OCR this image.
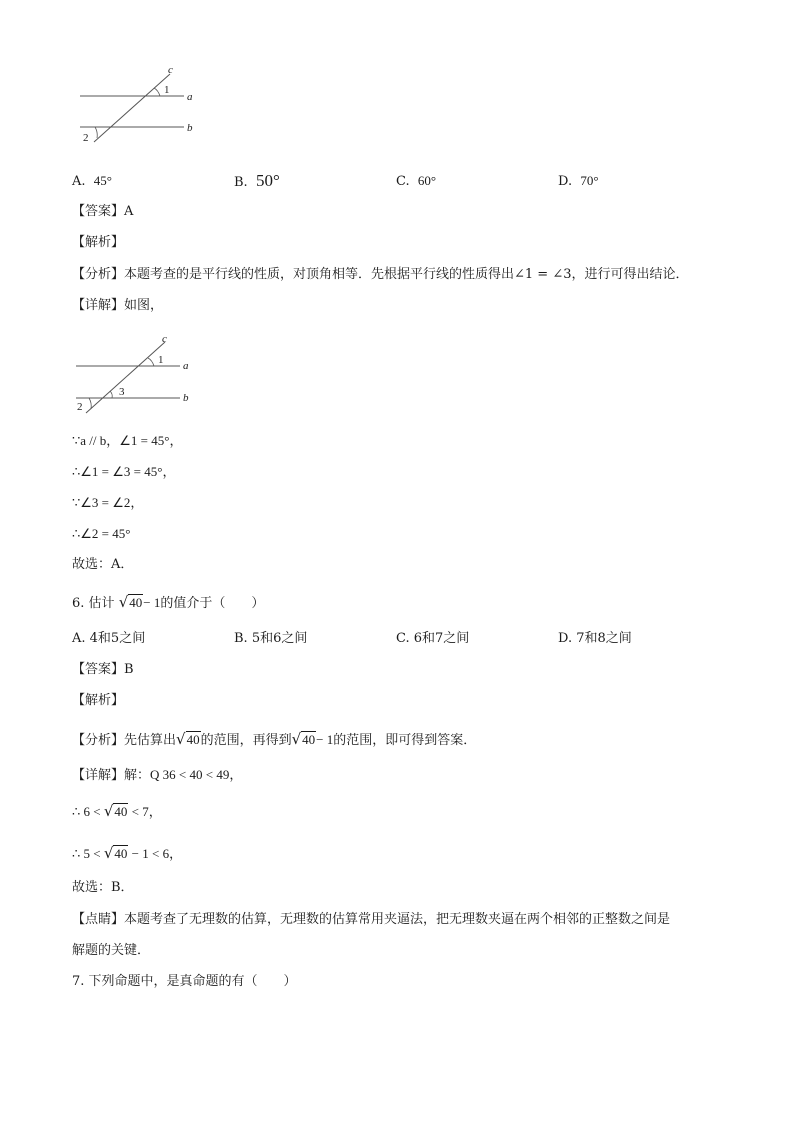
c
1
a
b
2
A. 45°	B. 50°	C. 60°	D. 70°
【答案】A
【解析】
【分析】本题考查的是平行线的性质，对顶角相等．先根据平行线的性质得出∠1 = ∠3，进行可得出结论．
【详解】如图，
c
1 a
3	b
2
∵a // b，∠1 = 45°，
∴∠1 = ∠3 = 45°，
∵∠3 = ∠2，
∴∠2 = 45°
故选：A．
6. 估计 √40− 1的值介于（　　）
A. 4和5之间	B. 5和6之间	C. 6和7之间	D. 7和8之间
【答案】B
【解析】
【分析】先估算出√40的范围，再得到√40− 1的范围，即可得到答案．
【详解】解：Q 36 < 40 < 49，
∴ 6 < √40 < 7，
∴ 5 < √40 − 1 < 6，
故选：B．
【点睛】本题考查了无理数的估算，无理数的估算常用夹逼法，把无理数夹逼在两个相邻的正整数之间是
解题的关键．
7. 下列命题中，是真命题的有（　　）
